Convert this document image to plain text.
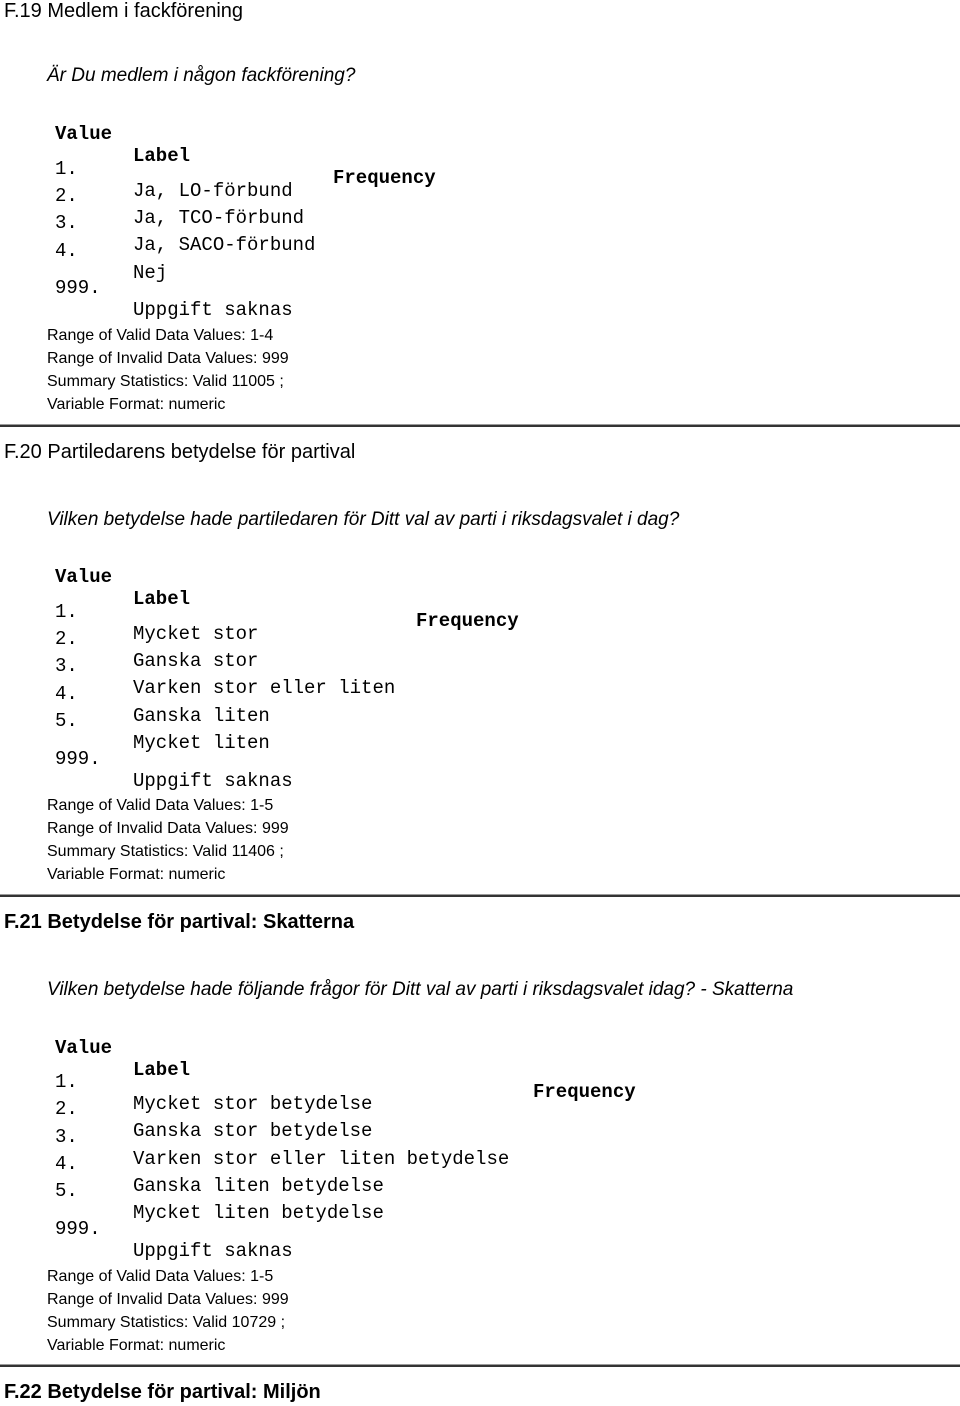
F.19 Medlem i fackförening
Är Du medlem i någon fackförening?

Value

Label

Frequency

1.

Ja, LO-förbund

2.

Ja, TCO-förbund

3.

Ja, SACO-förbund

4.

Nej

999.

Uppgift saknas

Range of Valid Data Values: 1-4
Range of Invalid Data Values: 999
Summary Statistics: Valid 11005 ;
Variable Format: numeric
F.20 Partiledarens betydelse för partival
Vilken betydelse hade partiledaren för Ditt val av parti i riksdagsvalet i dag?

Value

Label

Frequency

1.

Mycket stor

2.

Ganska stor

3.

Varken stor eller liten

4.

Ganska liten

5.

Mycket liten

999.

Uppgift saknas

Range of Valid Data Values: 1-5
Range of Invalid Data Values: 999
Summary Statistics: Valid 11406 ;
Variable Format: numeric
F.21 Betydelse för partival: Skatterna
Vilken betydelse hade följande frågor för Ditt val av parti i riksdagsvalet idag? - Skatterna

Value

Label

Frequency

1.

Mycket stor betydelse

2.

Ganska stor betydelse

3.

Varken stor eller liten betydelse

4.

Ganska liten betydelse

5.

Mycket liten betydelse

999.

Uppgift saknas

Range of Valid Data Values: 1-5
Range of Invalid Data Values: 999
Summary Statistics: Valid 10729 ;
Variable Format: numeric
F.22 Betydelse för partival: Miljön
